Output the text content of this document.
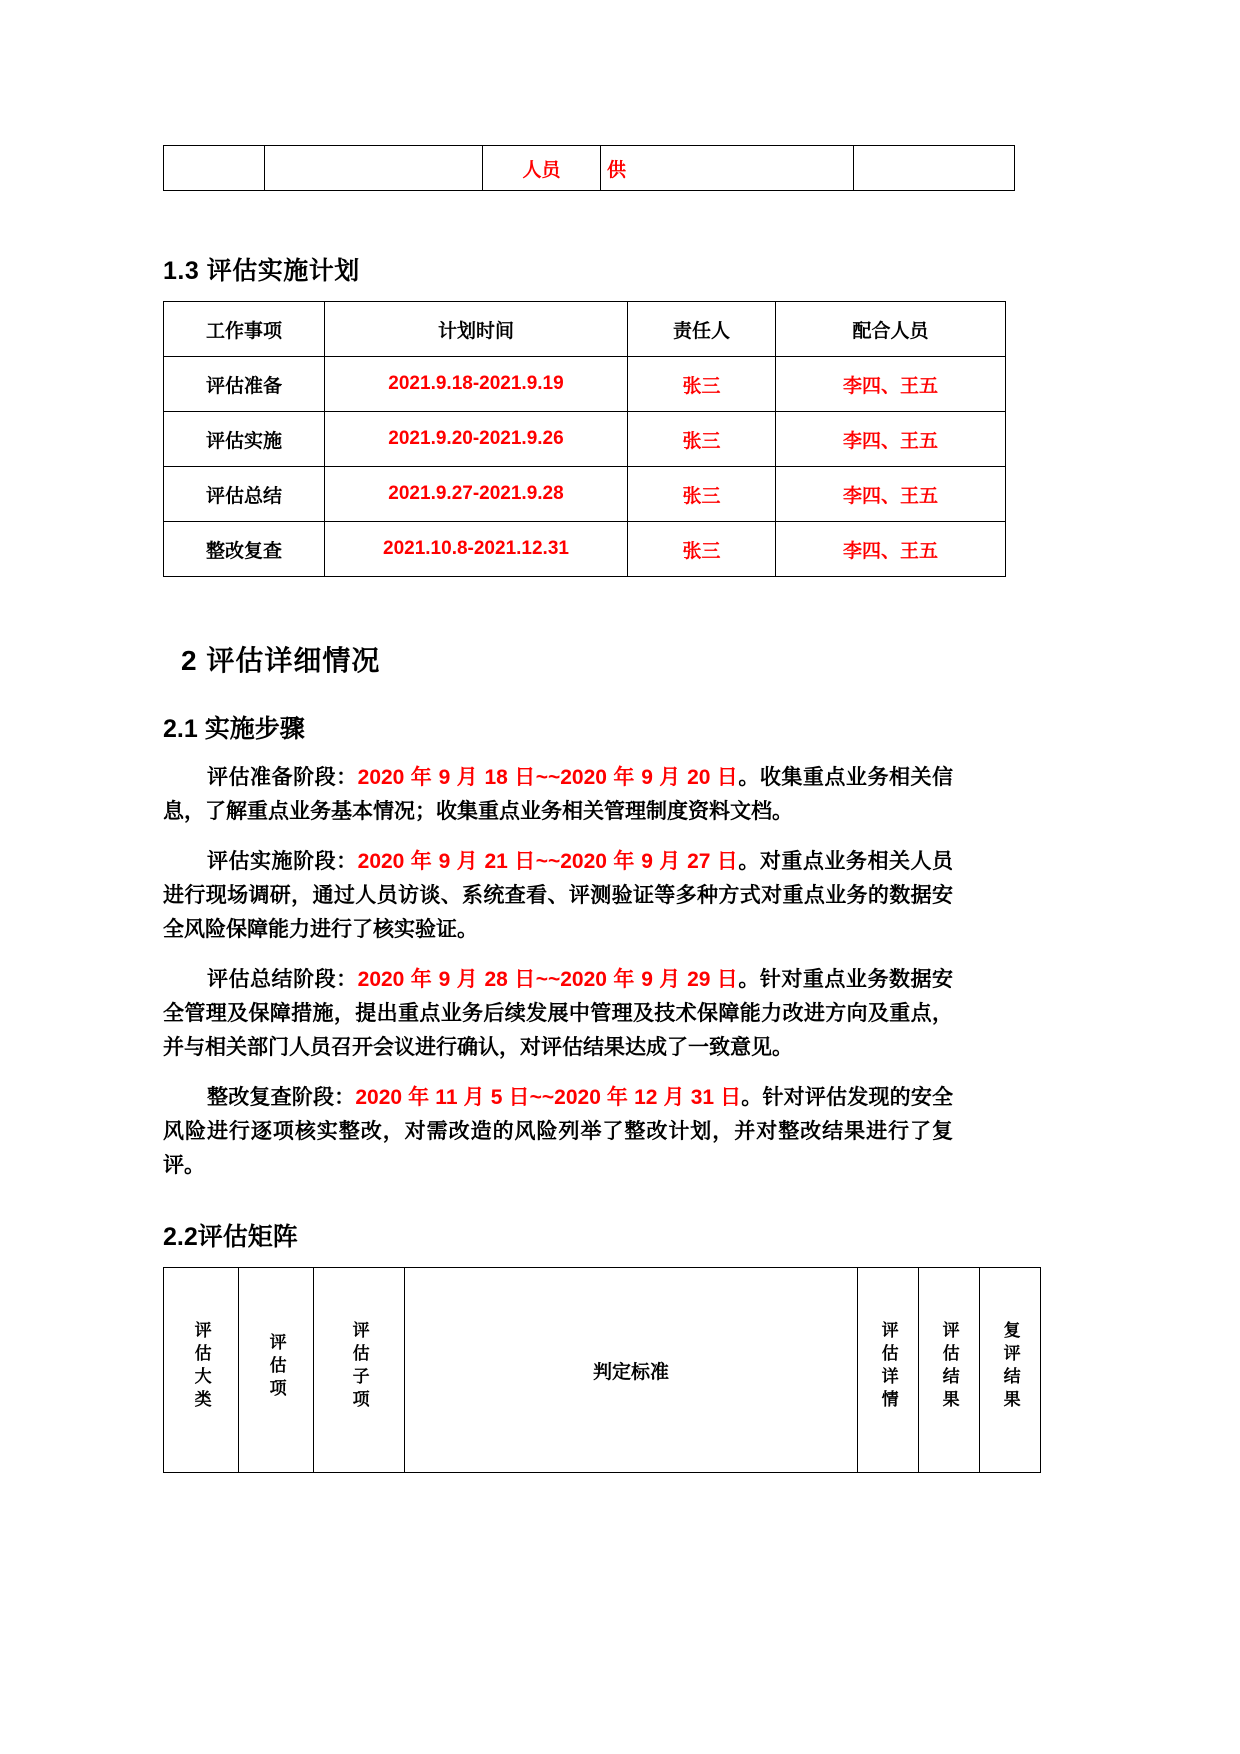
		人员	供	
1.3 评估实施计划
工作事项	计划时间	责任人	配合人员
评估准备	2021.9.18-2021.9.19	张三	李四、王五
评估实施	2021.9.20-2021.9.26	张三	李四、王五
评估总结	2021.9.27-2021.9.28	张三	李四、王五
整改复查	2021.10.8-2021.12.31	张三	李四、王五
2 评估详细情况
2.1 实施步骤

评估准备阶段：2020 年 9 月 18 日~~2020 年 9 月 20 日。收集重点业务相关信息，了解重点业务基本情况；收集重点业务相关管理制度资料文档。

评估实施阶段：2020 年 9 月 21 日~~2020 年 9 月 27 日。对重点业务相关人员进行现场调研，通过人员访谈、系统查看、评测验证等多种方式对重点业务的数据安全风险保障能力进行了核实验证。

评估总结阶段：2020 年 9 月 28 日~~2020 年 9 月 29 日。针对重点业务数据安全管理及保障措施，提出重点业务后续发展中管理及技术保障能力改进方向及重点，并与相关部门人员召开会议进行确认，对评估结果达成了一致意见。

整改复查阶段：2020 年 11 月 5 日~~2020 年 12 月 31 日。针对评估发现的安全风险进行逐项核实整改，对需改造的风险列举了整改计划，并对整改结果进行了复评。

2.2评估矩阵
评估大类	评估项	评估子项	判定标准	评估详情	评估结果	复评结果
